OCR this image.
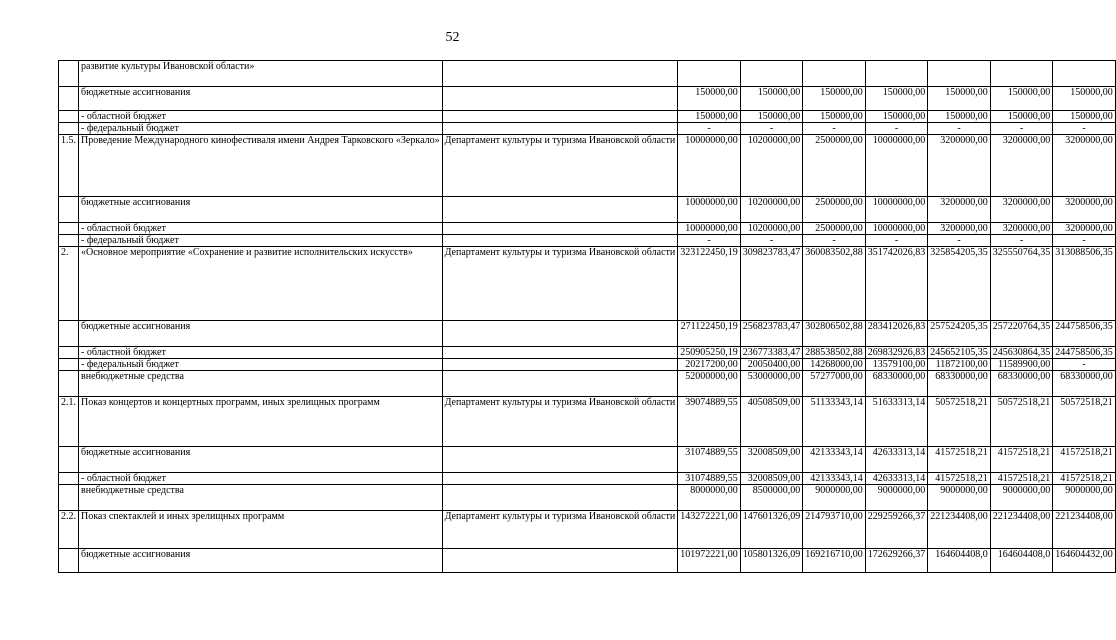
52
	развитие культуры Ивановской области»								
	бюджетные ассигнования		150000,00	150000,00	150000,00	150000,00	150000,00	150000,00	150000,00
	- областной бюджет		150000,00	150000,00	150000,00	150000,00	150000,00	150000,00	150000,00
	- федеральный бюджет		-	-	-	-	-	-	-
1.5.	Проведение Международного кинофестиваля имени Андрея Тарковского «Зеркало»	Департамент культуры и туризма Ивановской области	10000000,00	10200000,00	2500000,00	10000000,00	3200000,00	3200000,00	3200000,00
	бюджетные ассигнования		10000000,00	10200000,00	2500000,00	10000000,00	3200000,00	3200000,00	3200000,00
	- областной бюджет		10000000,00	10200000,00	2500000,00	10000000,00	3200000,00	3200000,00	3200000,00
	- федеральный бюджет		-	-	-	-	-	-	-
2.	«Основное мероприятие «Сохранение и развитие исполнительских искусств»	Департамент культуры и туризма Ивановской области	323122450,19	309823783,47	360083502,88	351742026,83	325854205,35	325550764,35	313088506,35
	бюджетные ассигнования		271122450,19	256823783,47	302806502,88	283412026,83	257524205,35	257220764,35	244758506,35
	- областной бюджет		250905250,19	236773383,47	288538502,88	269832926,83	245652105,35	245630864,35	244758506,35
	- федеральный бюджет		20217200,00	20050400,00	14268000,00	13579100,00	11872100,00	11589900,00	-
	внебюджетные средства		52000000,00	53000000,00	57277000,00	68330000,00	68330000,00	68330000,00	68330000,00
2.1.	Показ концертов и концертных программ, иных зрелищных программ	Департамент культуры и туризма Ивановской области	39074889,55	40508509,00	51133343,14	51633313,14	50572518,21	50572518,21	50572518,21
	бюджетные ассигнования		31074889,55	32008509,00	42133343,14	42633313,14	41572518,21	41572518,21	41572518,21
	- областной бюджет		31074889,55	32008509,00	42133343,14	42633313,14	41572518,21	41572518,21	41572518,21
	внебюджетные средства		8000000,00	8500000,00	9000000,00	9000000,00	9000000,00	9000000,00	9000000,00
2.2.	Показ спектаклей и иных зрелищных программ	Департамент культуры и туризма Ивановской области	143272221,00	147601326,09	214793710,00	229259266,37	221234408,00	221234408,00	221234408,00
	бюджетные ассигнования		101972221,00	105801326,09	169216710,00	172629266,37	164604408,0	164604408,0	164604432,00
